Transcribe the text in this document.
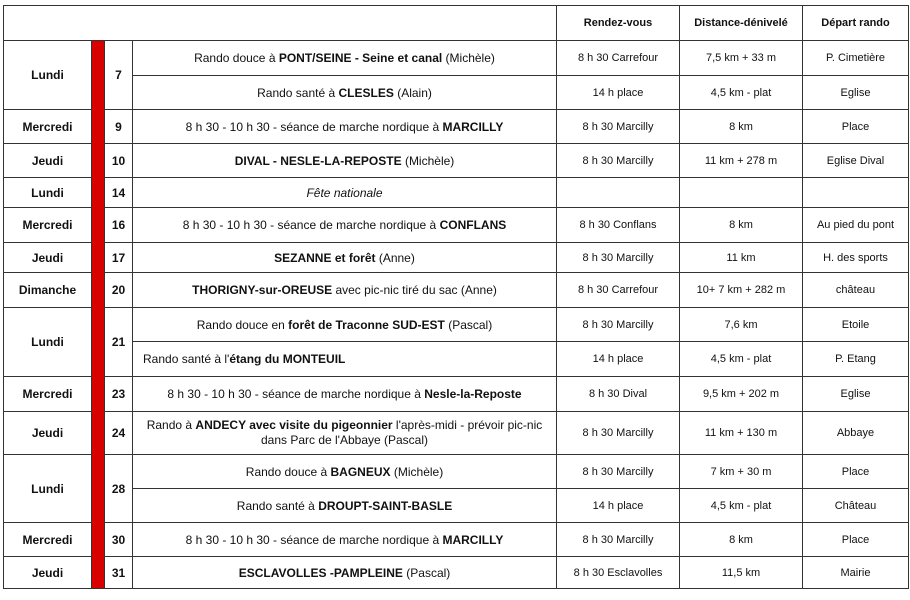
				Rendez-vous	Distance-dénivelé	Départ rando
Lundi		7	Rando douce à PONT/SEINE - Seine et canal (Michèle)	8 h 30 Carrefour	7,5 km + 33 m	P. Cimetière
			Rando santé à CLESLES (Alain)	14 h place	4,5 km - plat	Eglise
Mercredi		9	8 h 30 - 10 h 30 - séance de marche nordique à MARCILLY	8 h 30 Marcilly	8 km	Place
Jeudi		10	DIVAL - NESLE-LA-REPOSTE (Michèle)	8 h 30 Marcilly	11 km + 278 m	Eglise Dival
Lundi		14	Fête nationale			
Mercredi		16	8 h 30 - 10 h 30 - séance de marche nordique à CONFLANS	8 h 30 Conflans	8 km	Au pied du pont
Jeudi		17	SEZANNE et forêt (Anne)	8 h 30 Marcilly	11 km	H. des sports
Dimanche		20	THORIGNY-sur-OREUSE avec pic-nic tiré du sac (Anne)	8 h 30 Carrefour	10+ 7 km + 282 m	château
Lundi		21	Rando douce en forêt de Traconne SUD-EST (Pascal)	8 h 30 Marcilly	7,6 km	Etoile
			Rando santé à l'étang du MONTEUIL	14 h place	4,5 km - plat	P. Etang
Mercredi		23	8 h 30 - 10 h 30 - séance de marche nordique à Nesle-la-Reposte	8 h 30 Dival	9,5 km + 202 m	Eglise
Jeudi		24	Rando à ANDECY avec visite du pigeonnier l'après-midi - prévoir pic-nic dans Parc de l'Abbaye (Pascal)	8 h 30 Marcilly	11 km + 130 m	Abbaye
Lundi		28	Rando douce à BAGNEUX (Michèle)	8 h 30 Marcilly	7 km + 30 m	Place
			Rando santé à DROUPT-SAINT-BASLE	14 h place	4,5 km - plat	Château
Mercredi		30	8 h 30 - 10 h 30 - séance de marche nordique à MARCILLY	8 h 30 Marcilly	8 km	Place
Jeudi		31	ESCLAVOLLES -PAMPLEINE (Pascal)	8 h 30 Esclavolles	11,5 km	Mairie
